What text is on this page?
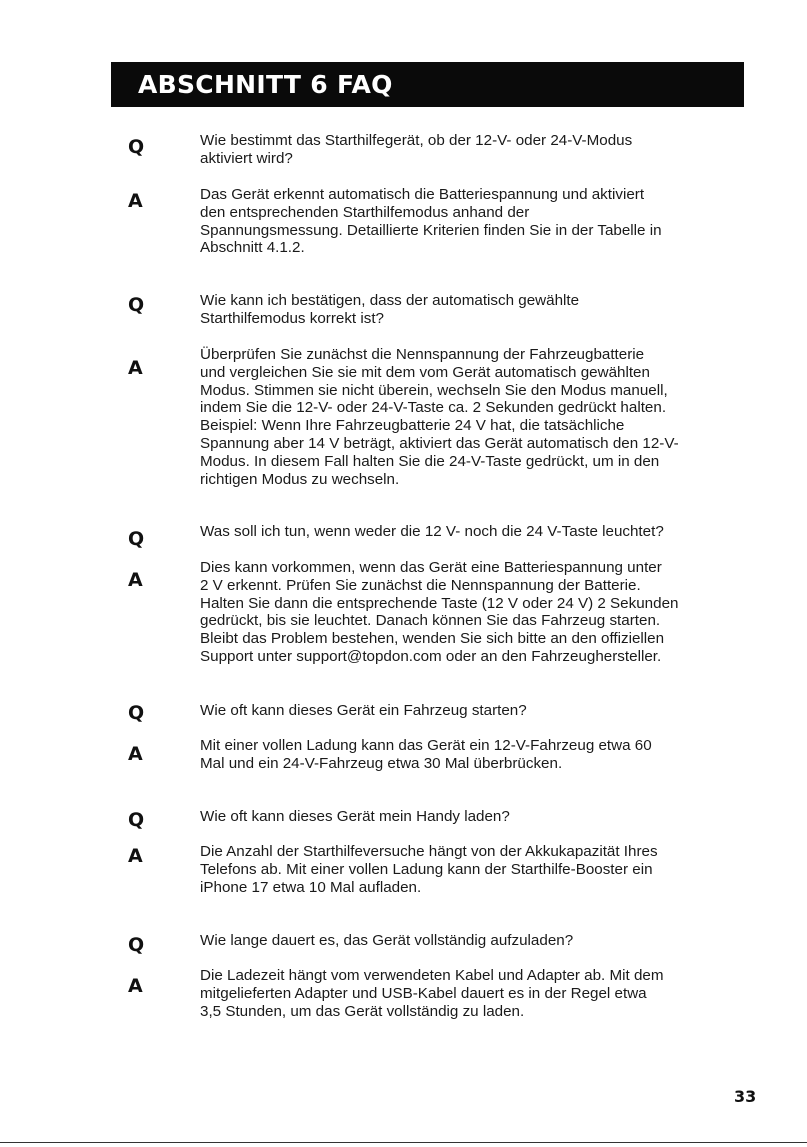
ABSCHNITT 6 FAQ
Q	Wie bestimmt das Starthilfegerät, ob der 12-V- oder 24-V-Modus
aktiviert wird?
A	Das Gerät erkennt automatisch die Batteriespannung und aktiviert
den entsprechenden Starthilfemodus anhand der
Spannungsmessung. Detaillierte Kriterien finden Sie in der Tabelle in
Abschnitt 4.1.2.
Q	Wie kann ich bestätigen, dass der automatisch gewählte
Starthilfemodus korrekt ist?
A
Überprüfen Sie zunächst die Nennspannung der Fahrzeugbatterie
und vergleichen Sie sie mit dem vom Gerät automatisch gewählten
Modus. Stimmen sie nicht überein, wechseln Sie den Modus manuell,
indem Sie die 12-V- oder 24-V-Taste ca. 2 Sekunden gedrückt halten.
Beispiel: Wenn Ihre Fahrzeugbatterie 24 V hat, die tatsächliche
Spannung aber 14 V beträgt, aktiviert das Gerät automatisch den 12-V-
Modus. In diesem Fall halten Sie die 24-V-Taste gedrückt, um in den
richtigen Modus zu wechseln.
Q	Was soll ich tun, wenn weder die 12 V- noch die 24 V-Taste leuchtet?
A
Dies kann vorkommen, wenn das Gerät eine Batteriespannung unter
2 V erkennt. Prüfen Sie zunächst die Nennspannung der Batterie.
Halten Sie dann die entsprechende Taste (12 V oder 24 V) 2 Sekunden
gedrückt, bis sie leuchtet. Danach können Sie das Fahrzeug starten.
Bleibt das Problem bestehen, wenden Sie sich bitte an den offiziellen
Support unter support@topdon.com oder an den Fahrzeughersteller.
Q	Wie oft kann dieses Gerät ein Fahrzeug starten?
A	Mit einer vollen Ladung kann das Gerät ein 12-V-Fahrzeug etwa 60
Mal und ein 24-V-Fahrzeug etwa 30 Mal überbrücken.
Q	Wie oft kann dieses Gerät mein Handy laden?
A	Die Anzahl der Starthilfeversuche hängt von der Akkukapazität Ihres
Telefons ab. Mit einer vollen Ladung kann der Starthilfe-Booster ein
iPhone 17 etwa 10 Mal aufladen.
Q	Wie lange dauert es, das Gerät vollständig aufzuladen?
A	Die Ladezeit hängt vom verwendeten Kabel und Adapter ab. Mit dem
mitgelieferten Adapter und USB-Kabel dauert es in der Regel etwa
3,5 Stunden, um das Gerät vollständig zu laden.
33
